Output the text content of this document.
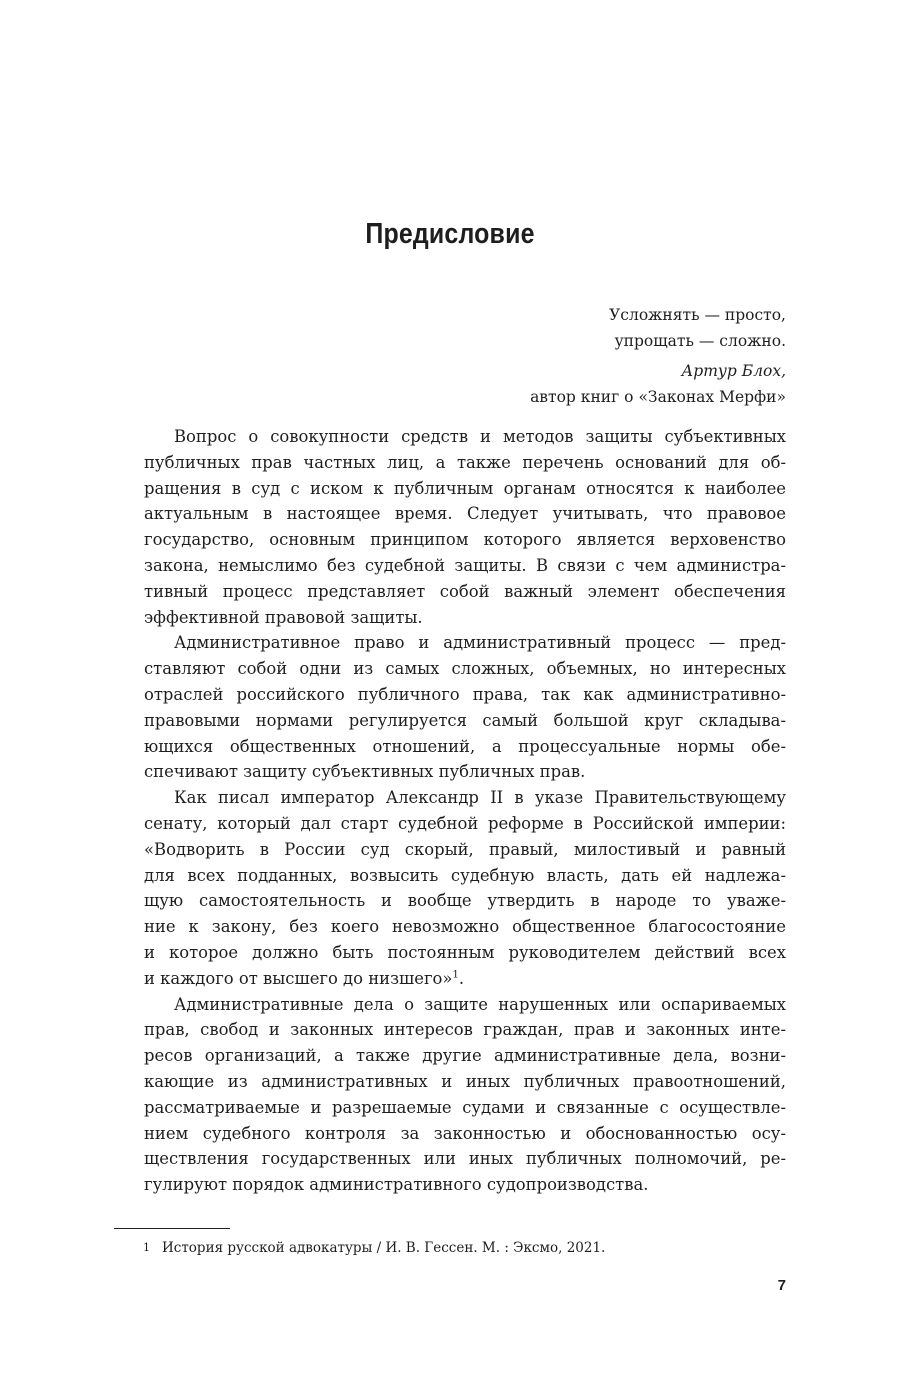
Предисловие
Усложнять — просто,
упрощать — сложно.
Артур Блох,
автор книг о «Законах Мерфи»

Вопрос о совокупности средств и методов защиты субъективных
публичных прав частных лиц, а также перечень оснований для об-
ращения в суд с иском к публичным органам относятся к наиболее
актуальным в настоящее время. Следует учитывать, что правовое
государство, основным принципом которого является верховенство
закона, немыслимо без судебной защиты. В связи с чем администра-
тивный процесс представляет собой важный элемент обеспечения
эффективной правовой защиты.

Административное право и административный процесс — пред-
ставляют собой одни из самых сложных, объемных, но интересных
отраслей российского публичного права, так как административно-
правовыми нормами регулируется самый большой круг складыва-
ющихся общественных отношений, а процессуальные нормы обе-
спечивают защиту субъективных публичных прав.

Как писал император Александр II в указе Правительствующему
сенату, который дал старт судебной реформе в Российской империи:
«Водворить в России суд скорый, правый, милостивый и равный
для всех подданных, возвысить судебную власть, дать ей надлежа-
щую самостоятельность и вообще утвердить в народе то уважe-
ние к закону, без коего невозможно общественное благосостояние
и которое должно быть постоянным руководителем действий всех
и каждого от высшего до низшего»$^1$.

Административные дела о защите нарушенных или оспариваемых
прав, свобод и законных интересов граждан, прав и законных инте-
ресов организаций, а также другие административные дела, возни-
кающие из административных и иных публичных правоотношений,
рассматриваемые и разрешаемые судами и связанные с осуществле-
нием судебного контроля за законностью и обоснованностью осу-
ществления государственных или иных публичных полномочий, ре-
гулируют порядок административного судопроизводства.

$^1$ История русской адвокатуры / И. В. Гессен. М. : Эксмо, 2021.
7
